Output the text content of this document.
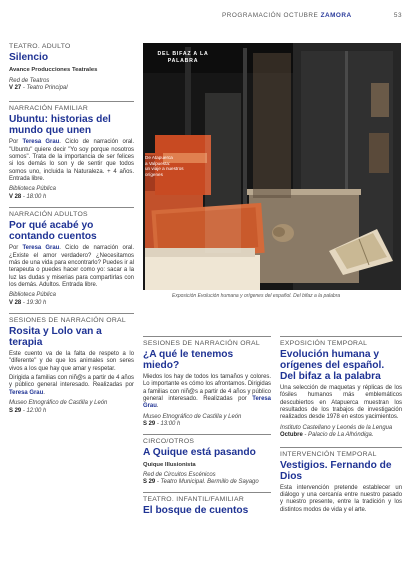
PROGRAMACIÓN OCTUBRE ZAMORA	53
TEATRO. ADULTO
Silencio
Avance Producciones Teatrales
Red de Teatros
V 27 - Teatro Principal
NARRACIÓN FAMILIAR
Ubuntu: historias del mundo que unen
Por Teresa Grau. Ciclo de narración oral. "Ubuntu" quiere decir "Yo soy porque nosotros somos". Trata de la importancia de ser felices si los demás lo son y de sentir que todos somos uno, incluida la Naturaleza. + 4 años. Entrada libre.
Biblioteca Pública
V 28 - 18:00 h
NARRACIÓN ADULTOS
Por qué acabé yo contando cuentos
Por Teresa Grau. Ciclo de narración oral. ¿Existe el amor verdadero? ¿Necesitamos más de una vida para encontrarlo? Puedes ir al terapeuta o puedes hacer como yo: sacar a la luz las dudas y miserias para compartirlas con los demás. Adultos. Entrada libre.
Biblioteca Pública
V 28 - 19:30 h
SESIONES DE NARRACIÓN ORAL
Rosita y Lolo van a terapia
Este cuento va de la falta de respeto a lo "diferente" y de que los animales son seres vivos a los que hay que amar y respetar.
Dirigida a familias con niñ@s a partir de 4 años y público general interesado. Realizadas por Teresa Grau.
Museo Etnográfico de Castilla y León
S 29 - 12:00 h
DEL BIFAZ A LA PALABRA
De Atapuerca
a Valpuesta:
un viaje a nuestros
orígenes
Exposición Evolución humana y orígenes del español. Del bifaz a la palabra
SESIONES DE NARRACIÓN ORAL
¿A qué le tenemos miedo?
Miedos los hay de todos los tamaños y colores. Lo importante es cómo los afrontamos. Dirigidas a familias con niñ@s a partir de 4 años y público general interesado. Realizadas por Teresa Grau.
Museo Etnográfico de Castilla y León
S 29 - 13:00 h
CIRCO/OTROS
A Quique está pasando
Quique Illusionista
Red de Circuitos Escénicos
S 29 - Teatro Municipal. Bermillo de Sayago
TEATRO. INFANTIL/FAMILIAR
El bosque de cuentos
EXPOSICIÓN TEMPORAL
Evolución humana y orígenes del español. Del bifaz a la palabra
Una selección de maquetas y réplicas de los fósiles humanos más emblemáticos descubiertos en Atapuerca muestran los resultados de los trabajos de investigación realizados desde 1978 en estos yacimientos.
Instituto Castellano y Leonés de la Lengua
Octubre - Palacio de La Alhóndiga.
INTERVENCIÓN TEMPORAL
Vestigios. Fernando de Dios
Esta intervención pretende establecer un diálogo y una cercanía entre nuestro pasado y nuestro presente, entre la tradición y los distintos modos de vida y el arte.
